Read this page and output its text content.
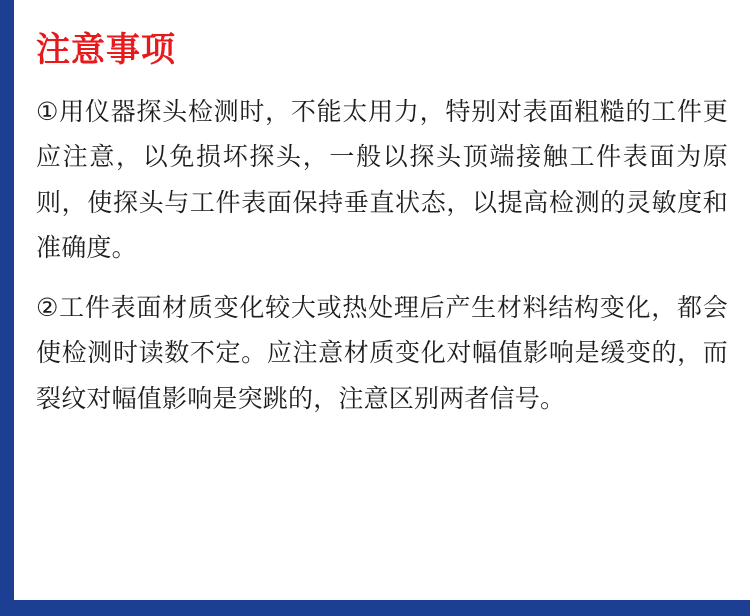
注意事项

①用仪器探头检测时，不能太用力，特别对表面粗糙的工件更应注意，以免损坏探头，一般以探头顶端接触工件表面为原则，使探头与工件表面保持垂直状态，以提高检测的灵敏度和准确度。

②工件表面材质变化较大或热处理后产生材料结构变化，都会使检测时读数不定。应注意材质变化对幅值影响是缓变的，而裂纹对幅值影响是突跳的，注意区别两者信号。
